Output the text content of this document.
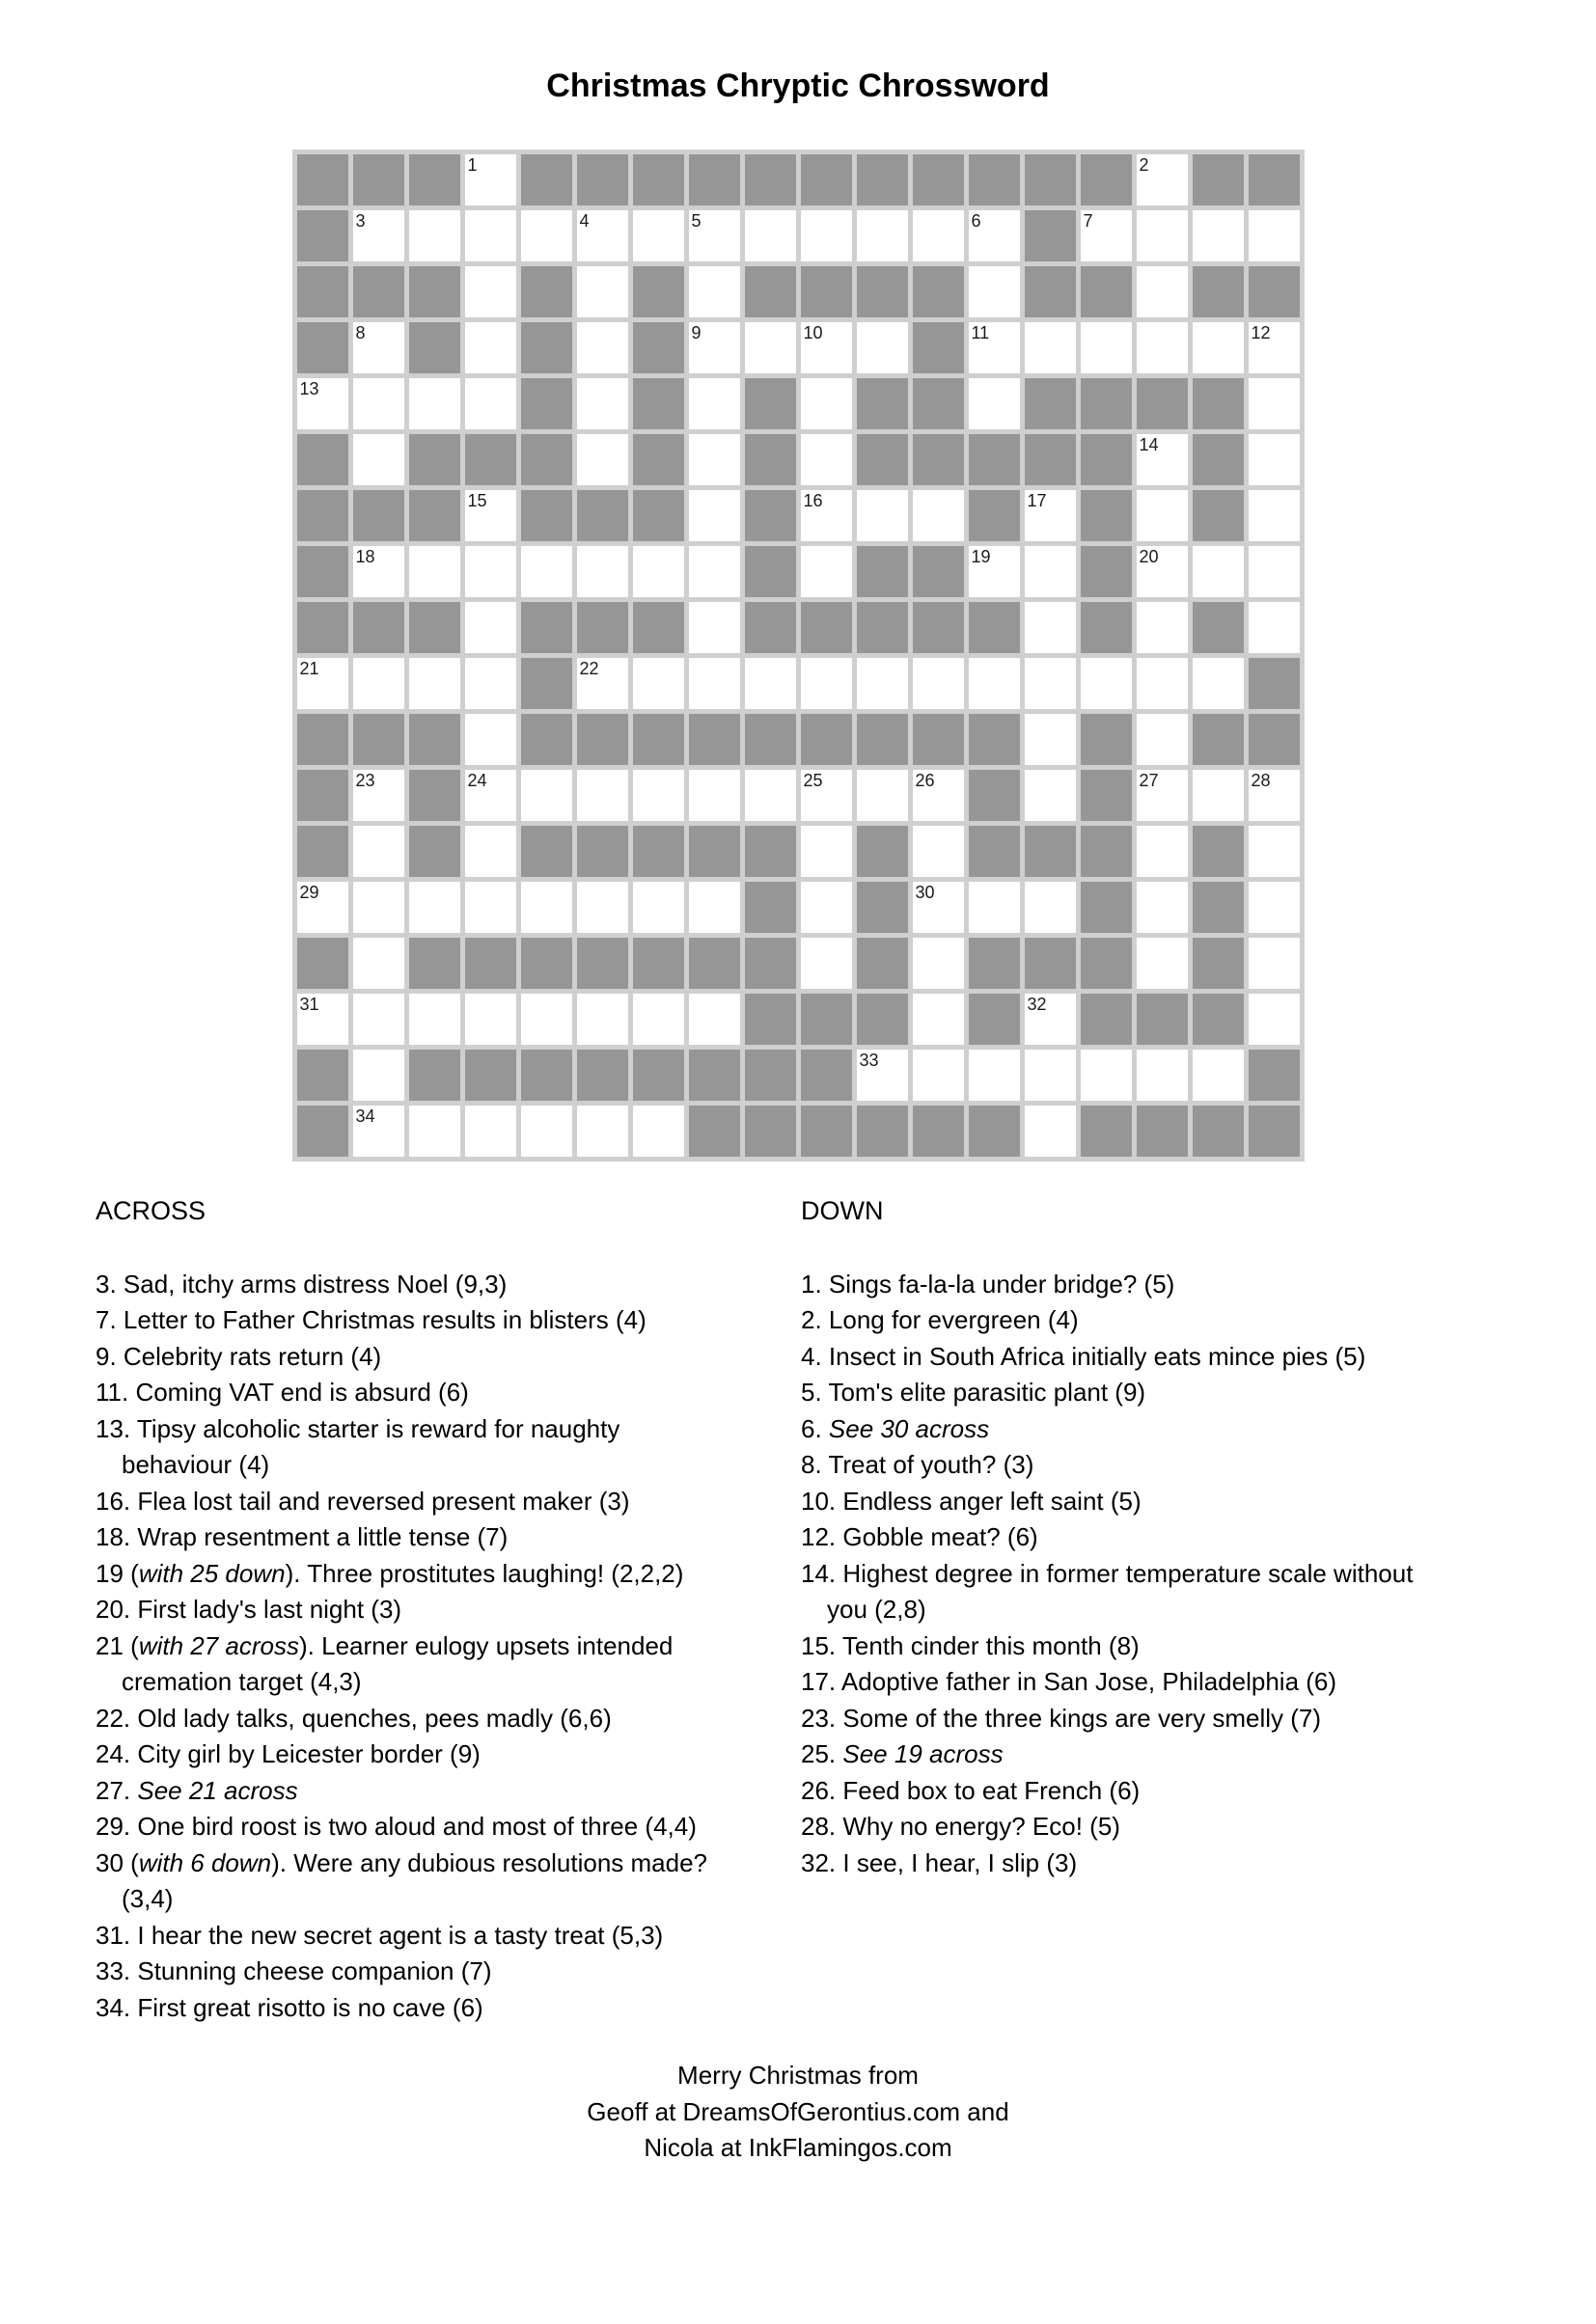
Christmas Chryptic Chrossword
1	2
3	4	5	6	7
8	9	10	11	12
13
14
15	16	17
18	19	20
21	22
23	24	25	26	27	28
29	30
31	32
33
34
ACROSS
3. Sad, itchy arms distress Noel (9,3)
7. Letter to Father Christmas results in blisters (4)
9. Celebrity rats return (4)
11. Coming VAT end is absurd (6)
13. Tipsy alcoholic starter is reward for naughty
behaviour (4)
16. Flea lost tail and reversed present maker (3)
18. Wrap resentment a little tense (7)
19 (with 25 down). Three prostitutes laughing! (2,2,2)
20. First lady's last night (3)
21 (with 27 across). Learner eulogy upsets intended
cremation target (4,3)
22. Old lady talks, quenches, pees madly (6,6)
24. City girl by Leicester border (9)
27. See 21 across
29. One bird roost is two aloud and most of three (4,4)
30 (with 6 down). Were any dubious resolutions made?
(3,4)
31. I hear the new secret agent is a tasty treat (5,3)
33. Stunning cheese companion (7)
34. First great risotto is no cave (6)
DOWN
1. Sings fa-la-la under bridge? (5)
2. Long for evergreen (4)
4. Insect in South Africa initially eats mince pies (5)
5. Tom's elite parasitic plant (9)
6. See 30 across
8. Treat of youth? (3)
10. Endless anger left saint (5)
12. Gobble meat? (6)
14. Highest degree in former temperature scale without
you (2,8)
15. Tenth cinder this month (8)
17. Adoptive father in San Jose, Philadelphia (6)
23. Some of the three kings are very smelly (7)
25. See 19 across
26. Feed box to eat French (6)
28. Why no energy? Eco! (5)
32. I see, I hear, I slip (3)
Merry Christmas from
Geoff at DreamsOfGerontius.com and
Nicola at InkFlamingos.com
